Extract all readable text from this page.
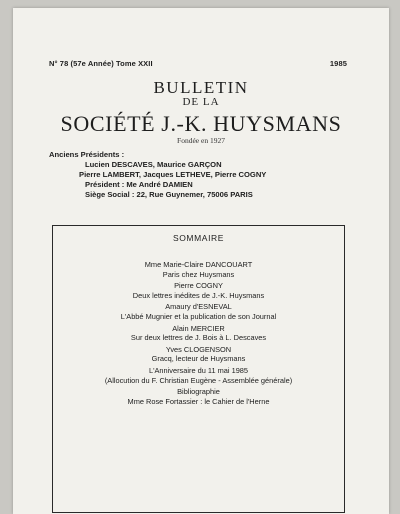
N° 78 (57e Année) Tome XXII	1985
BULLETIN
DE LA
SOCIÉTÉ J.-K. HUYSMANS
Fondée en 1927
Anciens Présidents :
Lucien DESCAVES, Maurice GARÇON
Pierre LAMBERT, Jacques LETHEVE, Pierre COGNY
Président : Me André DAMIEN
Siège Social : 22, Rue Guynemer, 75006 PARIS
SOMMAIRE
Mme Marie-Claire DANCOUART
Paris chez Huysmans
Pierre COGNY
Deux lettres inédites de J.-K. Huysmans
Amaury d'ESNEVAL
L'Abbé Mugnier et la publication de son Journal
Alain MERCIER
Sur deux lettres de J. Bois à L. Descaves
Yves CLOGENSON
Gracq, lecteur de Huysmans
L'Anniversaire du 11 mai 1985
(Allocution du F. Christian Eugène - Assemblée générale)
Bibliographie
Mme Rose Fortassier : le Cahier de l'Herne
